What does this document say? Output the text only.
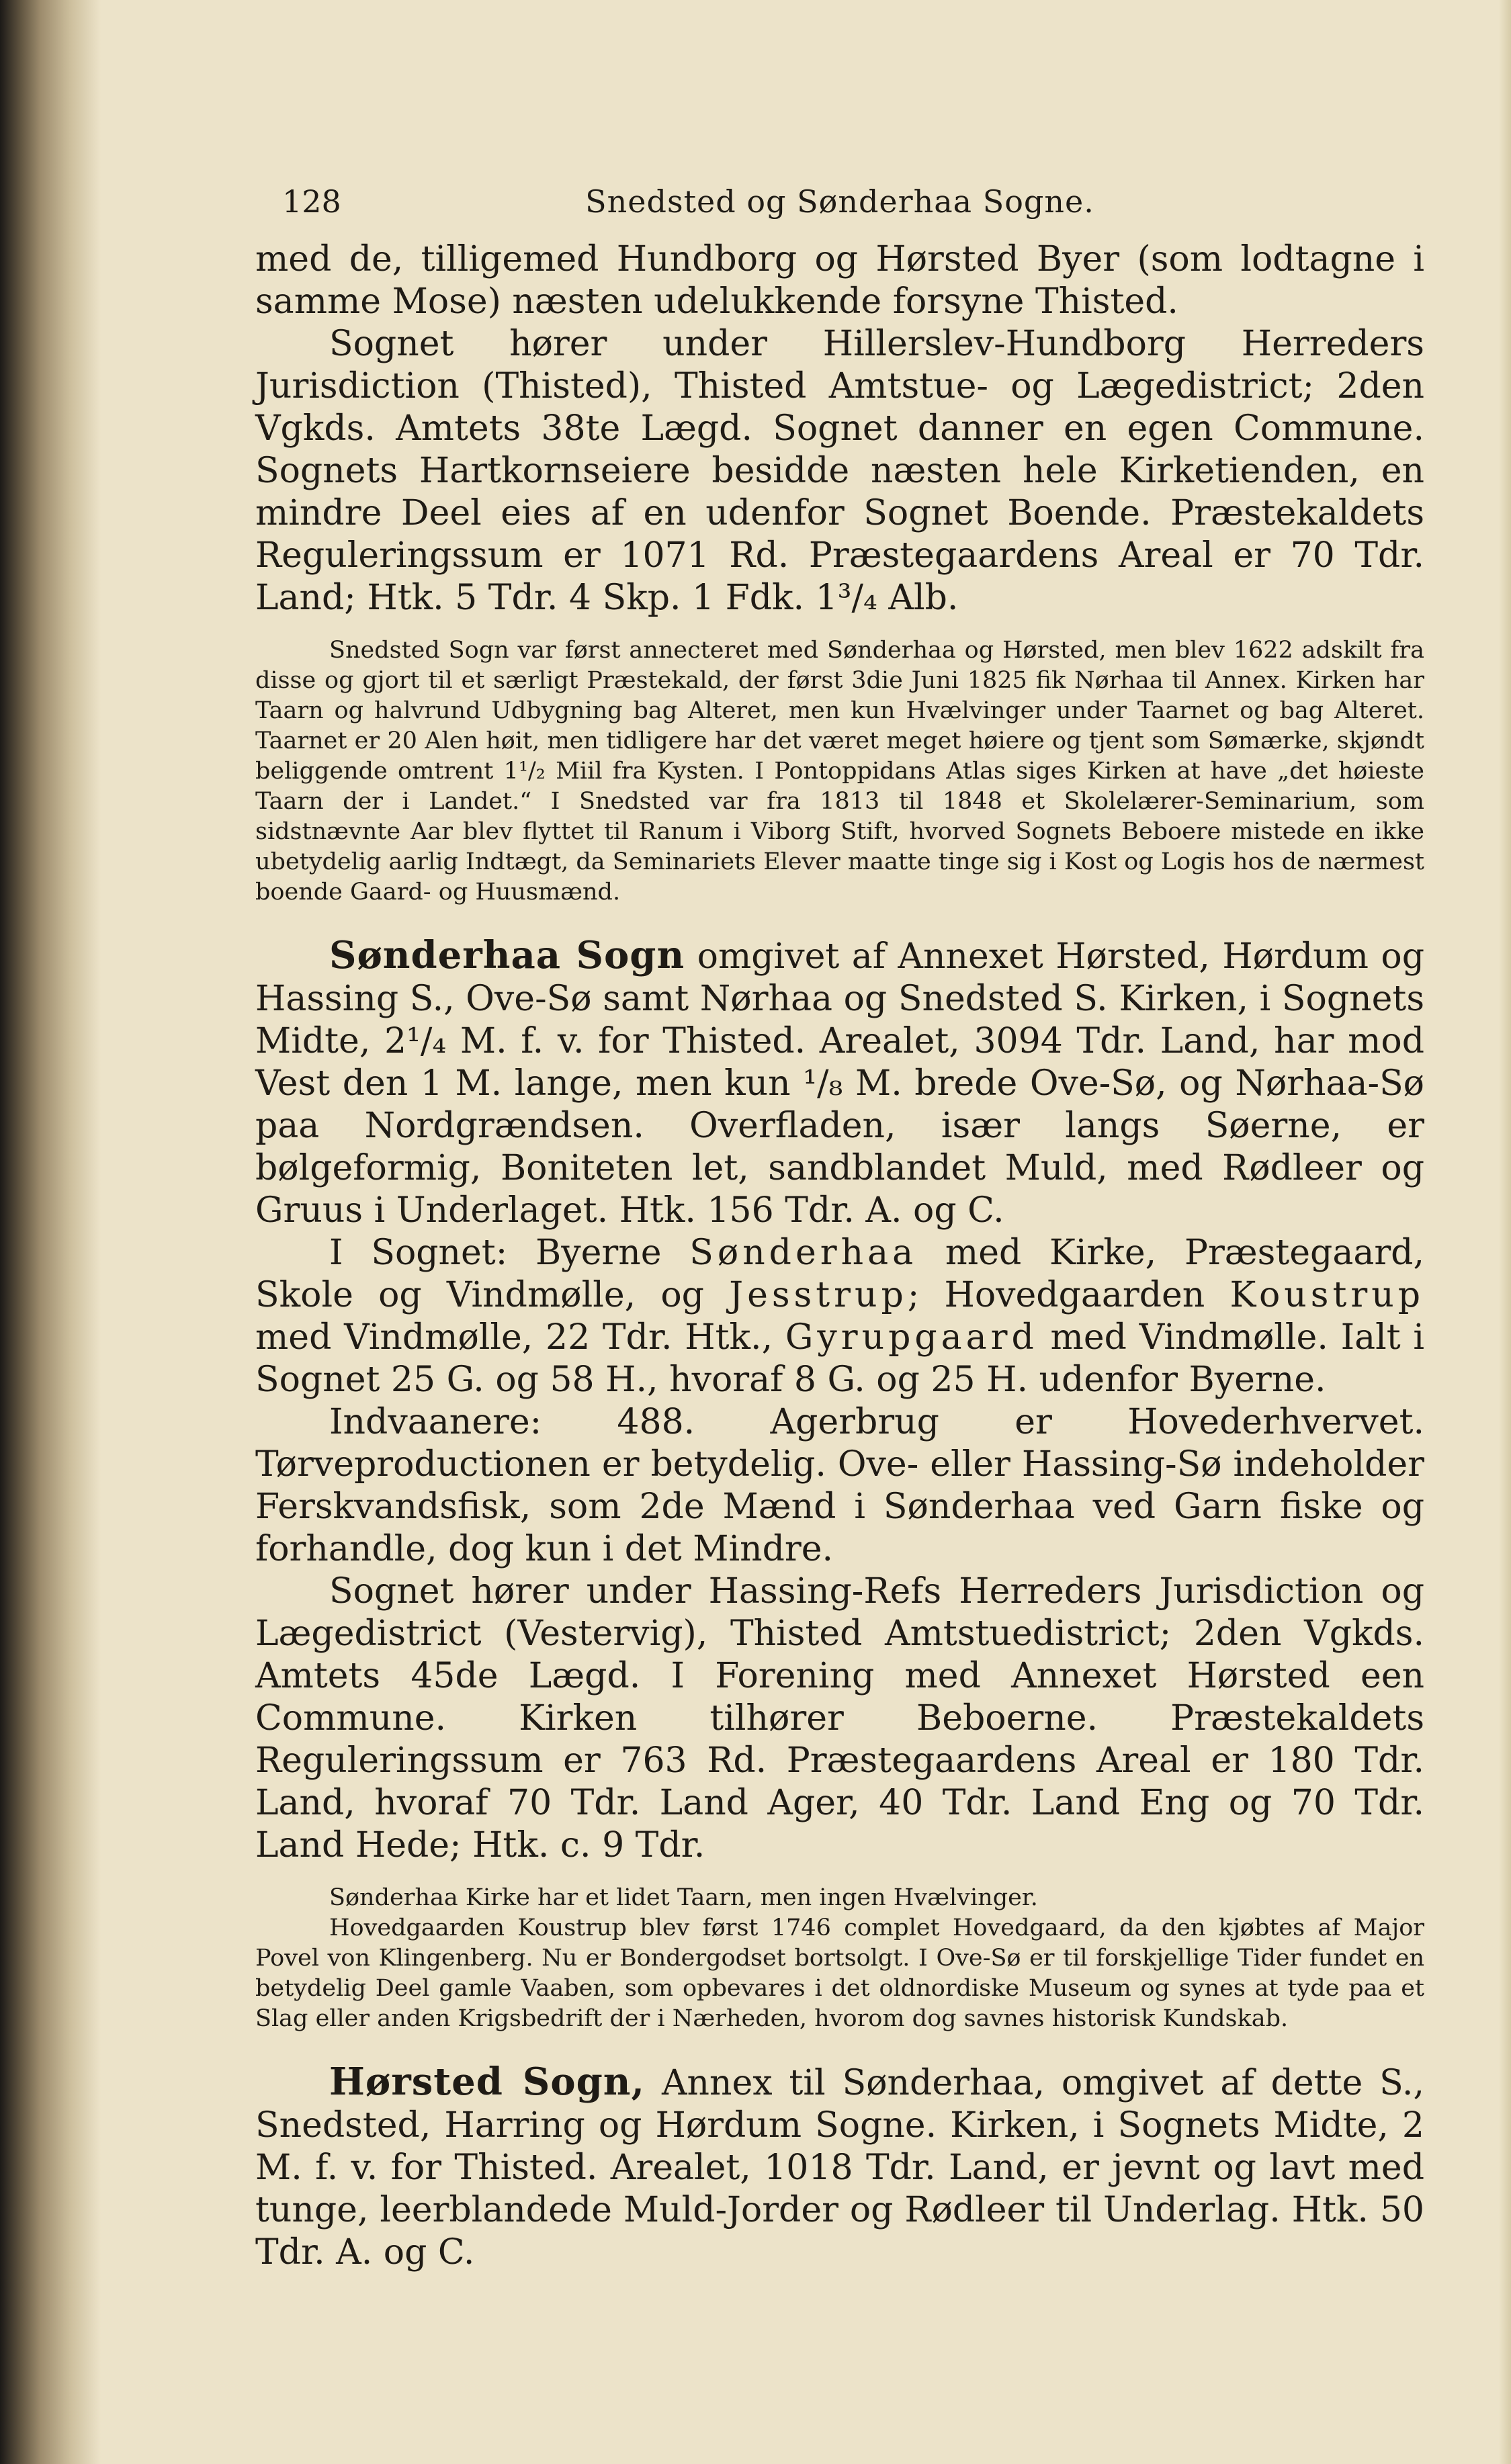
128	Snedsted og Sønderhaa Sogne.

med de, tilligemed Hundborg og Hørsted Byer (som lodtagne i samme Mose) næsten udelukkende forsyne Thisted.

Sognet hører under Hillerslev-Hundborg Herreders Jurisdiction (Thisted), Thisted Amtstue- og Lægedistrict; 2den Vgkds. Amtets 38te Lægd. Sognet danner en egen Commune. Sognets Hartkornseiere besidde næsten hele Kirketienden, en mindre Deel eies af en udenfor Sognet Boende. Præstekaldets Reguleringssum er 1071 Rd. Præstegaardens Areal er 70 Tdr. Land; Htk. 5 Tdr. 4 Skp. 1 Fdk. 1³/₄ Alb.

Snedsted Sogn var først annecteret med Sønderhaa og Hørsted, men blev 1622 adskilt fra disse og gjort til et særligt Præstekald, der først 3die Juni 1825 fik Nørhaa til Annex. Kirken har Taarn og halvrund Udbygning bag Alteret, men kun Hvælvinger under Taarnet og bag Alteret. Taarnet er 20 Alen høit, men tidligere har det været meget høiere og tjent som Sømærke, skjøndt beliggende omtrent 1¹/₂ Miil fra Kysten. I Pontoppidans Atlas siges Kirken at have „det høieste Taarn der i Landet.“ I Snedsted var fra 1813 til 1848 et Skolelærer-Seminarium, som sidstnævnte Aar blev flyttet til Ranum i Viborg Stift, hvorved Sognets Beboere mistede en ikke ubetydelig aarlig Indtægt, da Seminariets Elever maatte tinge sig i Kost og Logis hos de nærmest boende Gaard- og Huusmænd.

Sønderhaa Sogn omgivet af Annexet Hørsted, Hørdum og Hassing S., Ove-Sø samt Nørhaa og Snedsted S. Kirken, i Sognets Midte, 2¹/₄ M. f. v. for Thisted. Arealet, 3094 Tdr. Land, har mod Vest den 1 M. lange, men kun ¹/₈ M. brede Ove-Sø, og Nørhaa-Sø paa Nordgrændsen. Overfladen, især langs Søerne, er bølgeformig, Boniteten let, sandblandet Muld, med Rødleer og Gruus i Underlaget. Htk. 156 Tdr. A. og C.

I Sognet: Byerne Sønderhaa med Kirke, Præstegaard, Skole og Vindmølle, og Jesstrup; Hovedgaarden Koustrup med Vindmølle, 22 Tdr. Htk., Gyrupgaard med Vindmølle. Ialt i Sognet 25 G. og 58 H., hvoraf 8 G. og 25 H. udenfor Byerne.

Indvaanere: 488. Agerbrug er Hovederhvervet. Tørveproductionen er betydelig. Ove- eller Hassing-Sø indeholder Ferskvandsfisk, som 2de Mænd i Sønderhaa ved Garn fiske og forhandle, dog kun i det Mindre.

Sognet hører under Hassing-Refs Herreders Jurisdiction og Lægedistrict (Vestervig), Thisted Amtstuedistrict; 2den Vgkds. Amtets 45de Lægd. I Forening med Annexet Hørsted een Commune. Kirken tilhører Beboerne. Præstekaldets Reguleringssum er 763 Rd. Præstegaardens Areal er 180 Tdr. Land, hvoraf 70 Tdr. Land Ager, 40 Tdr. Land Eng og 70 Tdr. Land Hede; Htk. c. 9 Tdr.

Sønderhaa Kirke har et lidet Taarn, men ingen Hvælvinger.

Hovedgaarden Koustrup blev først 1746 complet Hovedgaard, da den kjøbtes af Major Povel von Klingenberg. Nu er Bondergodset bortsolgt. I Ove-Sø er til forskjellige Tider fundet en betydelig Deel gamle Vaaben, som opbevares i det oldnordiske Museum og synes at tyde paa et Slag eller anden Krigsbedrift der i Nærheden, hvorom dog savnes historisk Kundskab.

Hørsted Sogn, Annex til Sønderhaa, omgivet af dette S., Snedsted, Harring og Hørdum Sogne. Kirken, i Sognets Midte, 2 M. f. v. for Thisted. Arealet, 1018 Tdr. Land, er jevnt og lavt med tunge, leerblandede Muld-Jorder og Rødleer til Underlag. Htk. 50 Tdr. A. og C.
